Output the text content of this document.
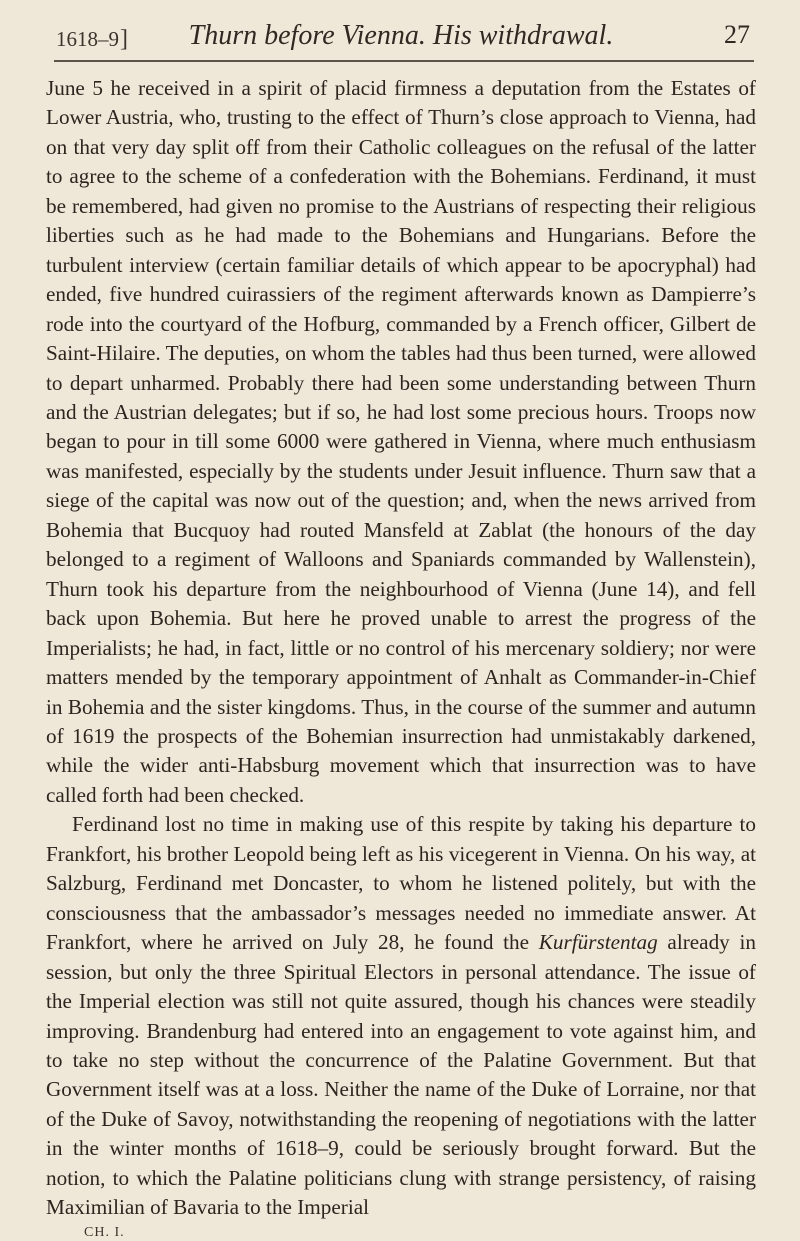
1618–9 ]	Thurn before Vienna. His withdrawal.	27

June 5 he received in a spirit of placid firmness a deputation from the Estates of Lower Austria, who, trusting to the effect of Thurn’s close approach to Vienna, had on that very day split off from their Catholic colleagues on the refusal of the latter to agree to the scheme of a confederation with the Bohemians. Ferdinand, it must be remembered, had given no promise to the Austrians of respecting their religious liberties such as he had made to the Bohemians and Hungarians. Before the turbulent interview (certain familiar details of which appear to be apocryphal) had ended, five hundred cuirassiers of the regiment afterwards known as Dampierre’s rode into the courtyard of the Hofburg, commanded by a French officer, Gilbert de Saint-Hilaire. The deputies, on whom the tables had thus been turned, were allowed to depart unharmed. Probably there had been some understanding between Thurn and the Austrian delegates; but if so, he had lost some precious hours. Troops now began to pour in till some 6000 were gathered in Vienna, where much enthusiasm was manifested, especially by the students under Jesuit influence. Thurn saw that a siege of the capital was now out of the question; and, when the news arrived from Bohemia that Bucquoy had routed Mansfeld at Zablat (the honours of the day belonged to a regiment of Walloons and Spaniards commanded by Wallenstein), Thurn took his departure from the neighbourhood of Vienna (June 14), and fell back upon Bohemia. But here he proved unable to arrest the progress of the Imperialists; he had, in fact, little or no control of his mercenary soldiery; nor were matters mended by the temporary appointment of Anhalt as Commander-in-Chief in Bohemia and the sister kingdoms. Thus, in the course of the summer and autumn of 1619 the prospects of the Bohemian insurrection had unmistakably darkened, while the wider anti-Habsburg movement which that insurrection was to have called forth had been checked.

Ferdinand lost no time in making use of this respite by taking his departure to Frankfort, his brother Leopold being left as his vicegerent in Vienna. On his way, at Salzburg, Ferdinand met Doncaster, to whom he listened politely, but with the consciousness that the ambassador’s messages needed no immediate answer. At Frankfort, where he arrived on July 28, he found the Kurfürstentag already in session, but only the three Spiritual Electors in personal attendance. The issue of the Imperial election was still not quite assured, though his chances were steadily improving. Brandenburg had entered into an engagement to vote against him, and to take no step without the concurrence of the Palatine Government. But that Government itself was at a loss. Neither the name of the Duke of Lorraine, nor that of the Duke of Savoy, notwithstanding the reopening of negotiations with the latter in the winter months of 1618–9, could be seriously brought forward. But the notion, to which the Palatine politicians clung with strange persistency, of raising Maximilian of Bavaria to the Imperial

CH. I.
